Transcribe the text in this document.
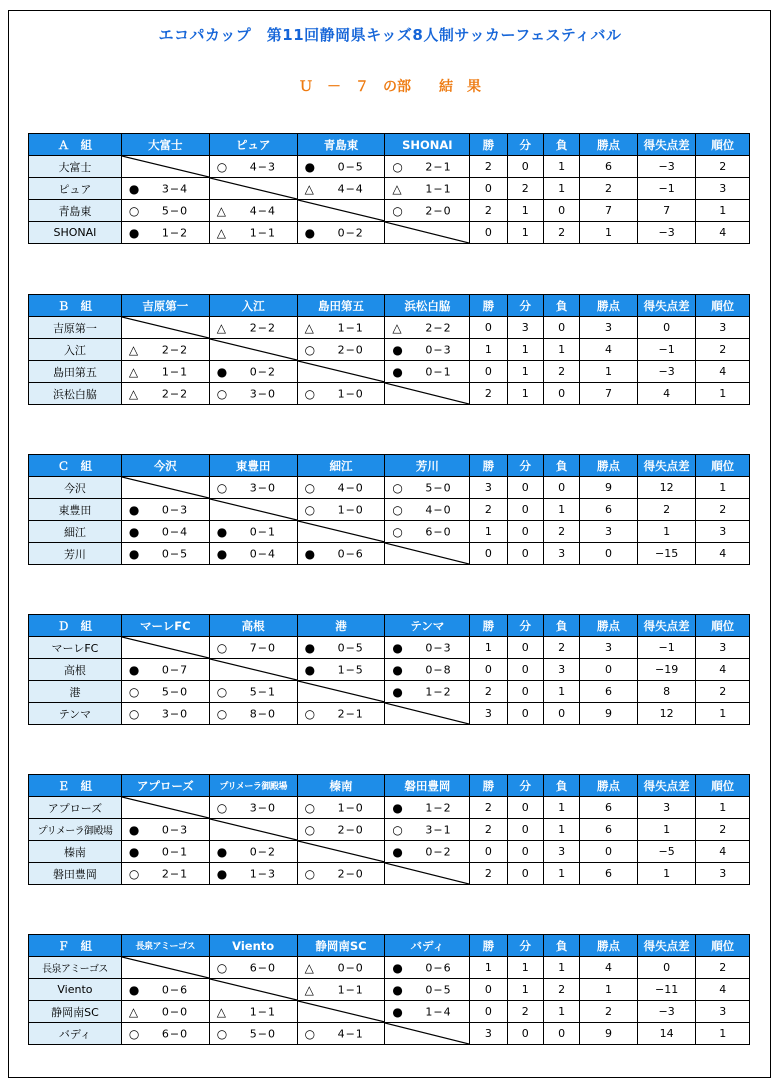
エコパカップ　第11回静岡県キッズ8人制サッカーフェスティバル
Ｕ　－　７　の部　　結　果
Ａ　組	大富士	ピュア	青島東	SHONAI	勝	分	負	勝点	得失点差	順位
大富士		○ 4−3	● 0−5	○ 2−1	2	0	1	6	−3	2
ピュア	● 3−4		△ 4−4	△ 1−1	0	2	1	2	−1	3
青島東	○ 5−0	△ 4−4		○ 2−0	2	1	0	7	7	1
SHONAI	● 1−2	△ 1−1	● 0−2		0	1	2	1	−3	4
Ｂ　組	吉原第一	入江	島田第五	浜松白脇	勝	分	負	勝点	得失点差	順位
吉原第一		△ 2−2	△ 1−1	△ 2−2	0	3	0	3	0	3
入江	△ 2−2		○ 2−0	● 0−3	1	1	1	4	−1	2
島田第五	△ 1−1	● 0−2		● 0−1	0	1	2	1	−3	4
浜松白脇	△ 2−2	○ 3−0	○ 1−0		2	1	0	7	4	1
Ｃ　組	今沢	東豊田	細江	芳川	勝	分	負	勝点	得失点差	順位
今沢		○ 3−0	○ 4−0	○ 5−0	3	0	0	9	12	1
東豊田	● 0−3		○ 1−0	○ 4−0	2	0	1	6	2	2
細江	● 0−4	● 0−1		○ 6−0	1	0	2	3	1	3
芳川	● 0−5	● 0−4	● 0−6		0	0	3	0	−15	4
Ｄ　組	マーレFC	高根	港	テンマ	勝	分	負	勝点	得失点差	順位
マーレFC		○ 7−0	● 0−5	● 0−3	1	0	2	3	−1	3
高根	● 0−7		● 1−5	● 0−8	0	0	3	0	−19	4
港	○ 5−0	○ 5−1		● 1−2	2	0	1	6	8	2
テンマ	○ 3−0	○ 8−0	○ 2−1		3	0	0	9	12	1
Ｅ　組	アプローズ	プリメーラ御殿場	榛南	磐田豊岡	勝	分	負	勝点	得失点差	順位
アプローズ		○ 3−0	○ 1−0	● 1−2	2	0	1	6	3	1
プリメーラ御殿場	● 0−3		○ 2−0	○ 3−1	2	0	1	6	1	2
榛南	● 0−1	● 0−2		● 0−2	0	0	3	0	−5	4
磐田豊岡	○ 2−1	● 1−3	○ 2−0		2	0	1	6	1	3
Ｆ　組	長泉アミーゴス	Viento	静岡南SC	バディ	勝	分	負	勝点	得失点差	順位
長泉アミーゴス		○ 6−0	△ 0−0	● 0−6	1	1	1	4	0	2
Viento	● 0−6		△ 1−1	● 0−5	0	1	2	1	−11	4
静岡南SC	△ 0−0	△ 1−1		● 1−4	0	2	1	2	−3	3
バディ	○ 6−0	○ 5−0	○ 4−1		3	0	0	9	14	1
